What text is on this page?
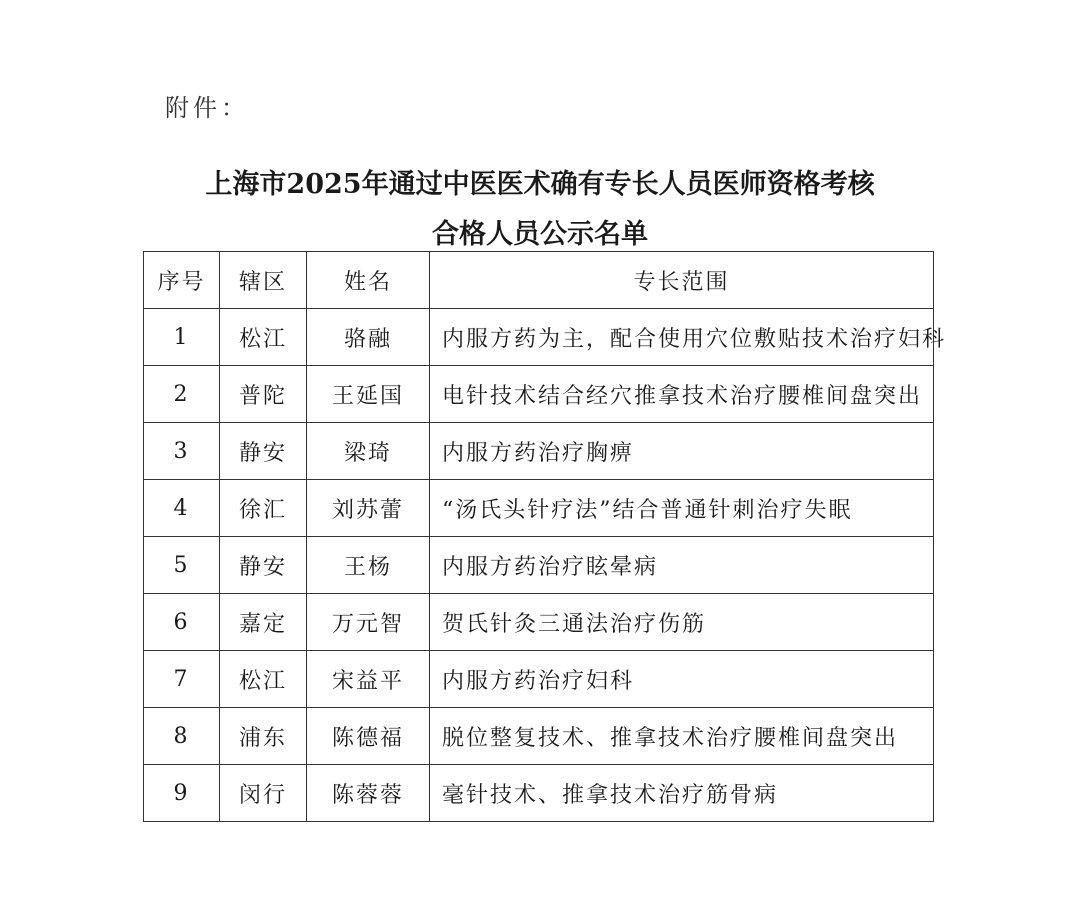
附件：
上海市2025年通过中医医术确有专长人员医师资格考核
合格人员公示名单
序号	辖区	姓名	专长范围
1	松江	骆融	内服方药为主，配合使用穴位敷贴技术治疗妇科
2	普陀	王延国	电针技术结合经穴推拿技术治疗腰椎间盘突出
3	静安	梁琦	内服方药治疗胸痹
4	徐汇	刘苏蕾	“汤氏头针疗法”结合普通针刺治疗失眠
5	静安	王杨	内服方药治疗眩晕病
6	嘉定	万元智	贺氏针灸三通法治疗伤筋
7	松江	宋益平	内服方药治疗妇科
8	浦东	陈德福	脱位整复技术、推拿技术治疗腰椎间盘突出
9	闵行	陈蓉蓉	毫针技术、推拿技术治疗筋骨病
